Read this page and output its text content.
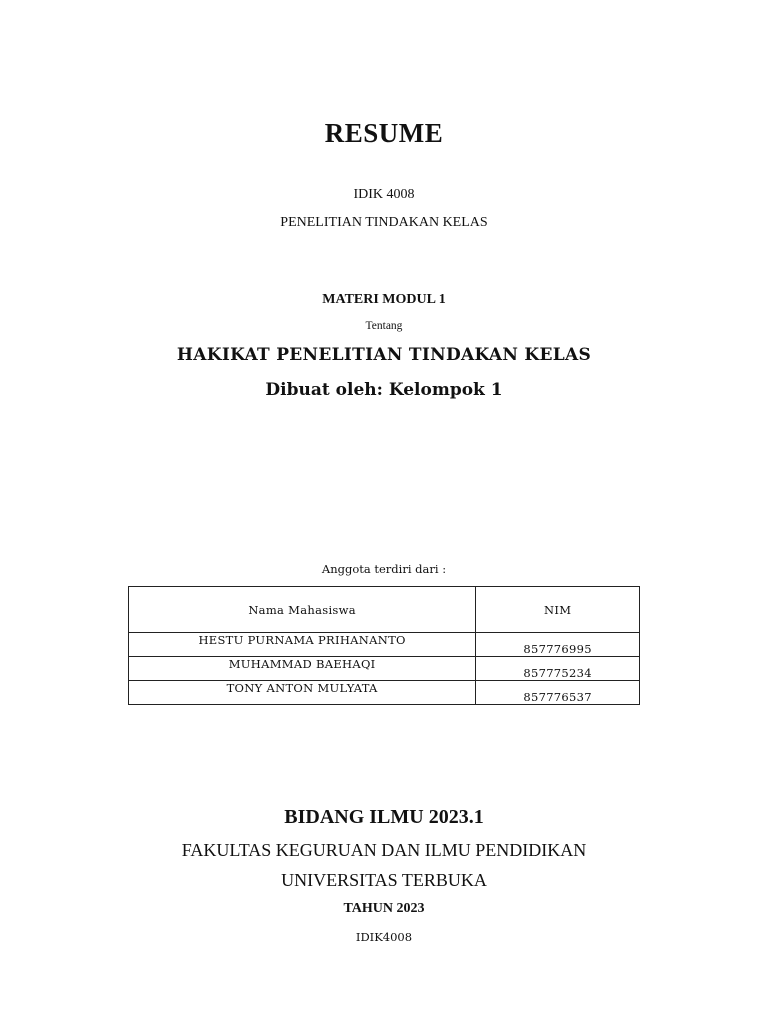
RESUME
IDIK 4008
PENELITIAN TINDAKAN KELAS
MATERI MODUL 1
Tentang
HAKIKAT PENELITIAN TINDAKAN KELAS
Dibuat oleh: Kelompok 1
Anggota terdiri dari :
Nama Mahasiswa	NIM
HESTU PURNAMA PRIHANANTO	857776995
MUHAMMAD BAEHAQI	857775234
TONY ANTON MULYATA	857776537
BIDANG ILMU 2023.1
FAKULTAS KEGURUAN DAN ILMU PENDIDIKAN
UNIVERSITAS TERBUKA
TAHUN 2023
IDIK4008
